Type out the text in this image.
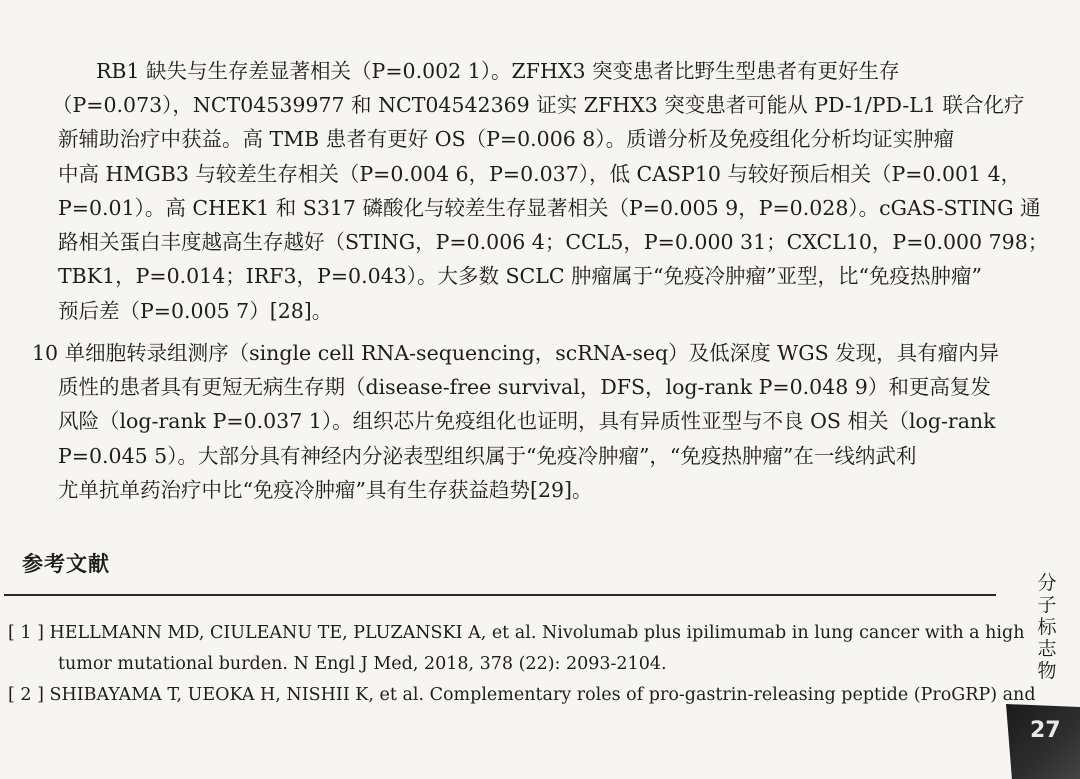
RB1 缺失与生存差显著相关（P=0.002 1）。ZFHX3 突变患者比野生型患者有更好生存
（P=0.073），NCT04539977 和 NCT04542369 证实 ZFHX3 突变患者可能从 PD-1/PD-L1 联合化疗
新辅助治疗中获益。高 TMB 患者有更好 OS（P=0.006 8）。质谱分析及免疫组化分析均证实肿瘤
中高 HMGB3 与较差生存相关（P=0.004 6，P=0.037），低 CASP10 与较好预后相关（P=0.001 4，
P=0.01）。高 CHEK1 和 S317 磷酸化与较差生存显著相关（P=0.005 9，P=0.028）。cGAS-STING 通
路相关蛋白丰度越高生存越好（STING，P=0.006 4；CCL5，P=0.000 31；CXCL10，P=0.000 798；
TBK1，P=0.014；IRF3，P=0.043）。大多数 SCLC 肿瘤属于“免疫冷肿瘤”亚型，比“免疫热肿瘤”
预后差（P=0.005 7）[28]。
10 单细胞转录组测序（single cell RNA-sequencing，scRNA-seq）及低深度 WGS 发现，具有瘤内异
质性的患者具有更短无病生存期（disease-free survival，DFS，log-rank P=0.048 9）和更高复发
风险（log-rank P=0.037 1）。组织芯片免疫组化也证明，具有异质性亚型与不良 OS 相关（log-rank
P=0.045 5）。大部分具有神经内分泌表型组织属于“免疫冷肿瘤”，“免疫热肿瘤”在一线纳武利
尤单抗单药治疗中比“免疫冷肿瘤”具有生存获益趋势[29]。
参考文献
[ 1 ] HELLMANN MD, CIULEANU TE, PLUZANSKI A, et al. Nivolumab plus ipilimumab in lung cancer with a high
tumor mutational burden. N Engl J Med, 2018, 378 (22): 2093-2104.
[ 2 ] SHIBAYAMA T, UEOKA H, NISHII K, et al. Complementary roles of pro-gastrin-releasing peptide (ProGRP) and
分
子
标
志
物
27
